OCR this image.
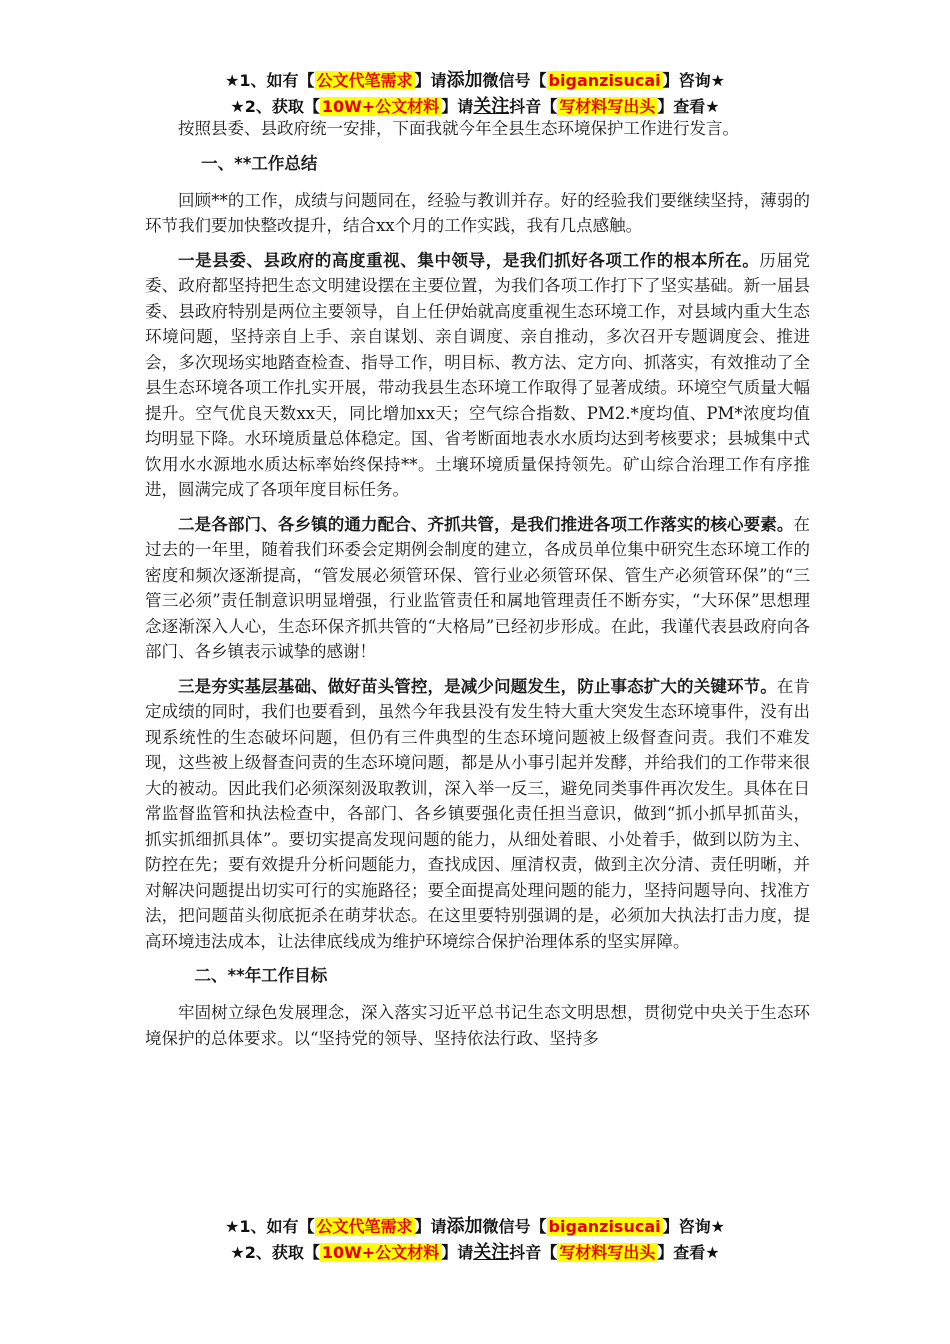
★1、如有【 公文代笔需求 】请添加微信号【 biganzisucai 】咨询★
★2、获取【 10W+公文材料 】请关注抖音【 写材料写出头 】查看★

按照县委、县政府统一安排，下面我就今年全县生态环境保护工作进行发言。

一、**工作总结

回顾**的工作，成绩与问题同在，经验与教训并存。好的经验我们要继续坚持，薄弱的环节我们要加快整改提升，结合xx个月的工作实践，我有几点感触。

一是县委、县政府的高度重视、集中领导，是我们抓好各项工作的根本所在。历届党委、政府都坚持把生态文明建设摆在主要位置，为我们各项工作打下了坚实基础。新一届县委、县政府特别是两位主要领导，自上任伊始就高度重视生态环境工作，对县域内重大生态环境问题，坚持亲自上手、亲自谋划、亲自调度、亲自推动，多次召开专题调度会、推进会，多次现场实地踏查检查、指导工作，明目标、教方法、定方向、抓落实，有效推动了全县生态环境各项工作扎实开展，带动我县生态环境工作取得了显著成绩。环境空气质量大幅提升。空气优良天数xx天，同比增加xx天；空气综合指数、PM2.*度均值、PM*浓度均值均明显下降。水环境质量总体稳定。国、省考断面地表水水质均达到考核要求；县城集中式饮用水水源地水质达标率始终保持**。土壤环境质量保持领先。矿山综合治理工作有序推进，圆满完成了各项年度目标任务。

二是各部门、各乡镇的通力配合、齐抓共管，是我们推进各项工作落实的核心要素。在过去的一年里，随着我们环委会定期例会制度的建立，各成员单位集中研究生态环境工作的密度和频次逐渐提高，“管发展必须管环保、管行业必须管环保、管生产必须管环保”的“三管三必须”责任制意识明显增强，行业监管责任和属地管理责任不断夯实，“大环保”思想理念逐渐深入人心，生态环保齐抓共管的“大格局”已经初步形成。在此，我谨代表县政府向各部门、各乡镇表示诚挚的感谢！

三是夯实基层基础、做好苗头管控，是减少问题发生，防止事态扩大的关键环节。在肯定成绩的同时，我们也要看到，虽然今年我县没有发生特大重大突发生态环境事件，没有出现系统性的生态破坏问题，但仍有三件典型的生态环境问题被上级督查问责。我们不难发现，这些被上级督查问责的生态环境问题，都是从小事引起并发酵，并给我们的工作带来很大的被动。因此我们必须深刻汲取教训，深入举一反三，避免同类事件再次发生。具体在日常监督监管和执法检查中，各部门、各乡镇要强化责任担当意识，做到“抓小抓早抓苗头，抓实抓细抓具体”。要切实提高发现问题的能力，从细处着眼、小处着手，做到以防为主、防控在先；要有效提升分析问题能力，查找成因、厘清权责，做到主次分清、责任明晰，并对解决问题提出切实可行的实施路径；要全面提高处理问题的能力，坚持问题导向、找准方法，把问题苗头彻底扼杀在萌芽状态。在这里要特别强调的是，必须加大执法打击力度，提高环境违法成本，让法律底线成为维护环境综合保护治理体系的坚实屏障。

二、**年工作目标

牢固树立绿色发展理念，深入落实习近平总书记生态文明思想，贯彻党中央关于生态环境保护的总体要求。以“坚持党的领导、坚持依法行政、坚持多

★1、如有【 公文代笔需求 】请添加微信号【 biganzisucai 】咨询★
★2、获取【 10W+公文材料 】请关注抖音【 写材料写出头 】查看★
